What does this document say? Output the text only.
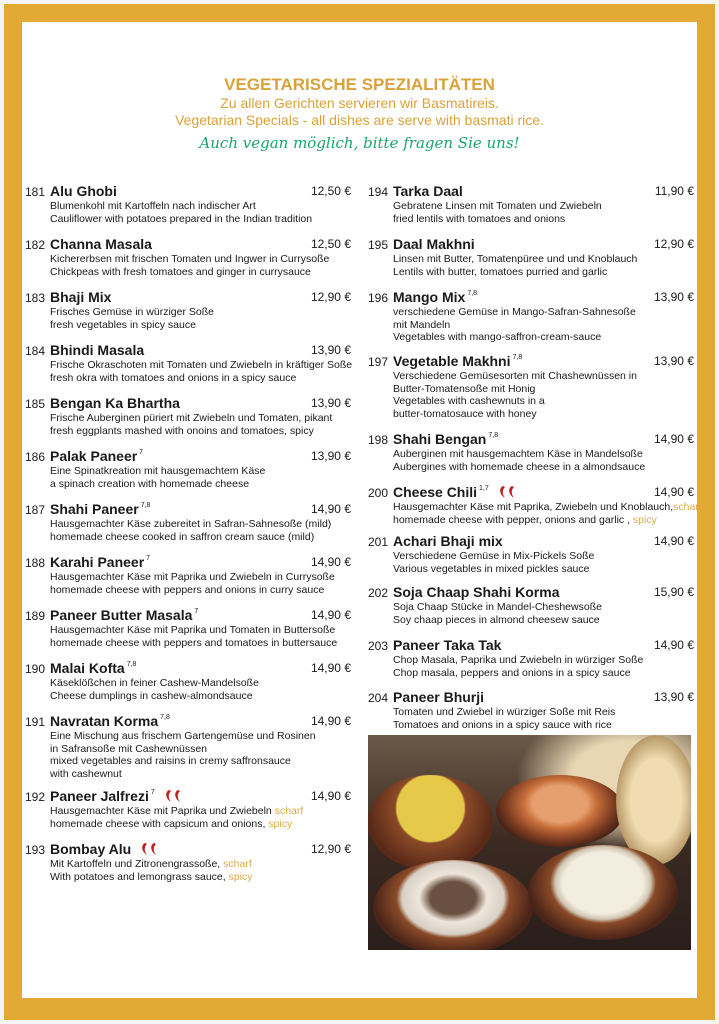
VEGETARISCHE SPEZIALITÄTEN
Zu allen Gerichten servieren wir Basmatireis.
Vegetarian Specials - all dishes are serve with basmati rice.
Auch vegan möglich, bitte fragen Sie uns!
181 Alu Ghobi	12,50 €
Blumenkohl mit Kartoffeln nach indischer Art
Cauliflower with potatoes prepared in the Indian tradition
182 Channa Masala	12,50 €
Kichererbsen mit frischen Tomaten und Ingwer in Currysoße
Chickpeas with fresh tomatoes and ginger in currysauce
183 Bhaji Mix	12,90 €
Frisches Gemüse in würziger Soße
fresh vegetables in spicy sauce
184 Bhindi Masala	13,90 €
Frische Okraschoten mit Tomaten und Zwiebeln in kräftiger Soße
fresh okra with tomatoes and onions in a spicy sauce
185 Bengan Ka Bhartha	13,90 €
Frische Auberginen püriert mit Zwiebeln und Tomaten, pikant
fresh eggplants mashed with onoins and tomatoes, spicy
186 Palak Paneer $^7$	13,90 €
Eine Spinatkreation mit hausgemachtem Käse
a spinach creation with homemade cheese
187 Shahi Paneer $^{7,8}$	14,90 €
Hausgemachter Käse zubereitet in Safran-Sahnesoße (mild)
homemade cheese cooked in saffron cream sauce (mild)
188 Karahi Paneer $^7$	14,90 €
Hausgemachter Käse mit Paprika und Zwiebeln in Currysoße
homemade cheese with peppers and onions in curry sauce
189 Paneer Butter Masala $^7$	14,90 €
Hausgemachter Käse mit Paprika und Tomaten in Buttersoße
homemade cheese with peppers and tomatoes in buttersauce
190 Malai Kofta $^{7,8}$	14,90 €
Käseklößchen in feiner Cashew-Mandelsoße
Cheese dumplings in cashew-almondsauce
191 Navratan Korma $^{7,8}$	14,90 €
Eine Mischung aus frischem Gartengemüse und Rosinen
in Safransoße mit Cashewnüssen
mixed vegetables and raisins in cremy saffronsauce
with cashewnut
192 Paneer Jalfrezi $^7$	14,90 €
Hausgemachter Käse mit Paprika und Zwiebeln scharf
homemade cheese with capsicum and onions, spicy
193 Bombay Alu	12,90 €
Mit Kartoffeln und Zitronengrassoße, scharf
With potatoes and lemongrass sauce, spicy
194 Tarka Daal	11,90 €
Gebratene Linsen mit Tomaten und Zwiebeln
fried lentils with tomatoes and onions
195 Daal Makhni	12,90 €
Linsen mit Butter, Tomatenpüree und und Knoblauch
Lentils with butter, tomatoes purried and garlic
196 Mango Mix $^{7,8}$	13,90 €
verschiedene Gemüse in Mango-Safran-Sahnesoße
mit Mandeln
Vegetables with mango-saffron-cream-sauce
197 Vegetable Makhni $^{7,8}$	13,90 €
Verschiedene Gemüsesorten mit Chashewnüssen in
Butter-Tomatensoße mit Honig
Vegetables with cashewnuts in a
butter-tomatosauce with honey
198 Shahi Bengan $^{7,8}$	14,90 €
Auberginen mit hausgemachtem Käse in Mandelsoße
Aubergines with homemade cheese in a almondsauce
200 Cheese Chili $^{1,7}$	14,90 €
Hausgemachter Käse mit Paprika, Zwiebeln und Knoblauch,scharf
homemade cheese with pepper, onions and garlic , spicy
201 Achari Bhaji mix	14,90 €
Verschiedene Gemüse in Mix-Pickels Soße
Various vegetables in mixed pickles sauce
202 Soja Chaap Shahi Korma	15,90 €
Soja Chaap Stücke in Mandel-Cheshewsoße
Soy chaap pieces in almond cheesew sauce
203 Paneer Taka Tak	14,90 €
Chop Masala, Paprika und Zwiebeln in würziger Soße
Chop masala, peppers and onions in a spicy sauce
204 Paneer Bhurji	13,90 €
Tomaten und Zwiebel in würziger Soße mit Reis
Tomatoes and onions in a spicy sauce with rice
